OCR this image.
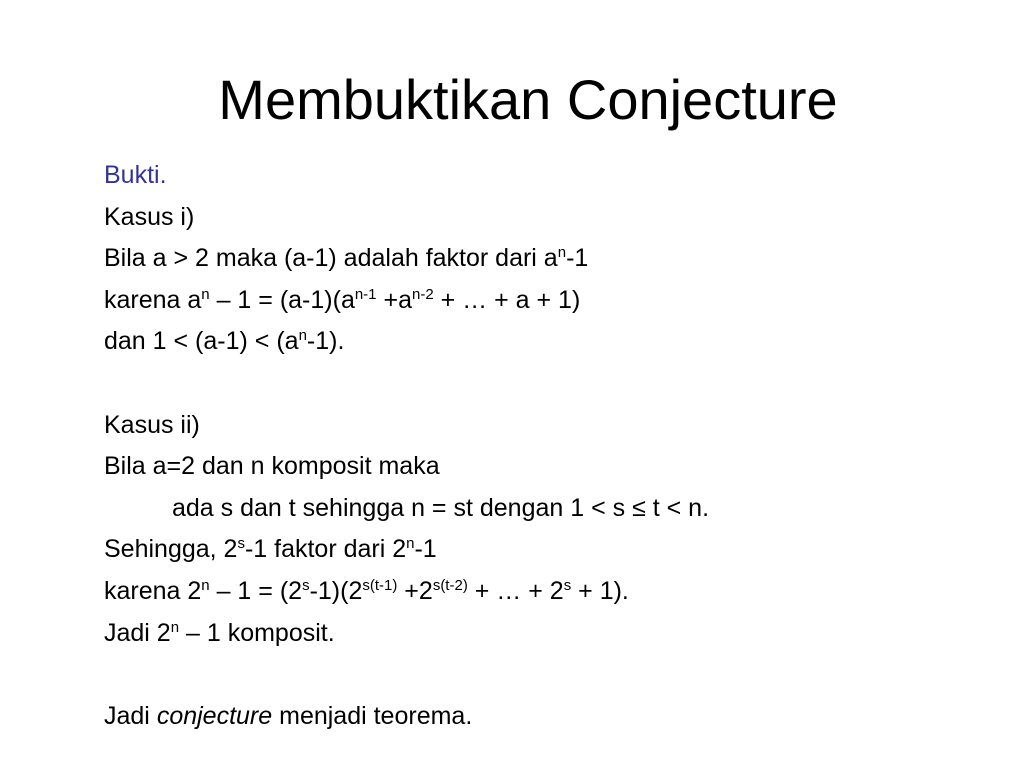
Membuktikan Conjecture
Bukti.
Kasus i)
Bila a > 2 maka (a-1) adalah faktor dari $a^n-1$
karena $a^n - 1 = (a-1)(a^{n-1} +a^{n-2}$ + … + a + 1)
dan $1 < (a-1) < (a^n-1)$.
Kasus ii)
Bila a=2 dan n komposit maka
ada s dan t sehingga n = st dengan 1 < s ≤ t < n.
Sehingga, 2$^s$-1 faktor dari 2$^n$-1
karena $2^n - 1 = (2^s-1)(2^{s(t-1)} +2^{s(t-2)}$ + … + $2^s + 1$).
Jadi 2$^n$ – 1 komposit.
Jadi conjecture menjadi teorema.
